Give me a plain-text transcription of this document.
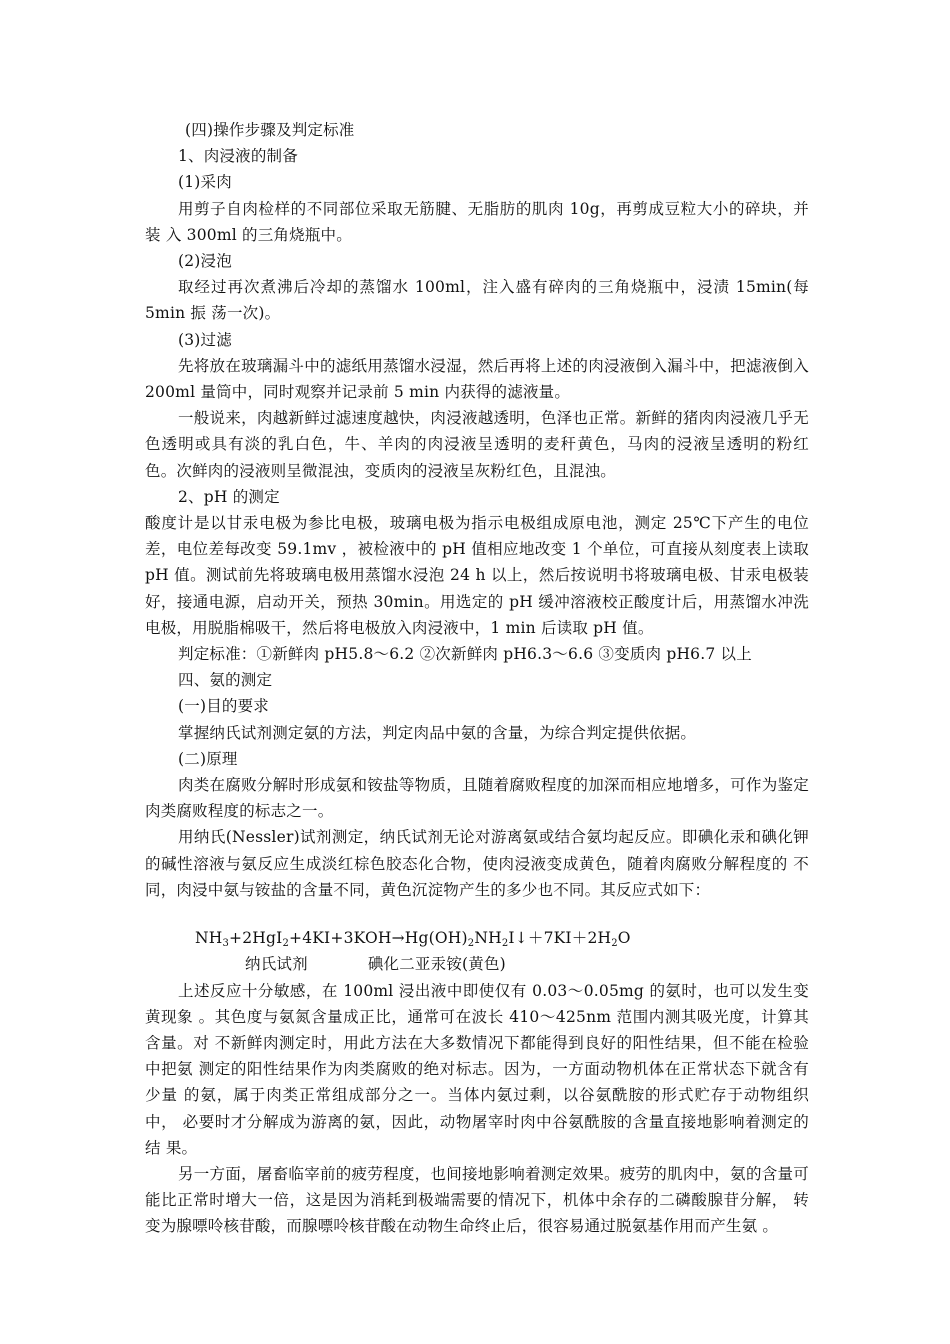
(四)操作步骤及判定标准

1、肉浸液的制备

(1)采肉

用剪子自肉检样的不同部位采取无筋腱、无脂肪的肌肉 10g，再剪成豆粒大小的碎块，并装 入 300ml 的三角烧瓶中。

(2)浸泡

取经过再次煮沸后冷却的蒸馏水 100ml，注入盛有碎肉的三角烧瓶中，浸渍 15min(每 5min 振 荡一次)。

(3)过滤

先将放在玻璃漏斗中的滤纸用蒸馏水浸湿，然后再将上述的肉浸液倒入漏斗中，把滤液倒入 200ml 量筒中，同时观察并记录前 5 min 内获得的滤液量。

一般说来，肉越新鲜过滤速度越快，肉浸液越透明，色泽也正常。新鲜的猪肉肉浸液几乎无 色透明或具有淡的乳白色，牛、羊肉的肉浸液呈透明的麦秆黄色，马肉的浸液呈透明的粉红 色。次鲜肉的浸液则呈微混浊，变质肉的浸液呈灰粉红色，且混浊。

2、pH 的测定

酸度计是以甘汞电极为参比电极，玻璃电极为指示电极组成原电池，测定 25℃下产生的电位差，电位差每改变 59.1mv ，被检液中的 pH 值相应地改变 1 个单位，可直接从刻度表上读取 pH 值。测试前先将玻璃电极用蒸馏水浸泡 24 h 以上，然后按说明书将玻璃电极、甘汞电极装 好，接通电源，启动开关，预热 30min。用选定的 pH 缓冲溶液校正酸度计后，用蒸馏水冲洗 电极，用脱脂棉吸干，然后将电极放入肉浸液中，1 min 后读取 pH 值。

判定标准：①新鲜肉 pH5.8～6.2 ②次新鲜肉 pH6.3～6.6 ③变质肉 pH6.7 以上

四、氨的测定

(一)目的要求

掌握纳氏试剂测定氨的方法，判定肉品中氨的含量，为综合判定提供依据。

(二)原理

肉类在腐败分解时形成氨和铵盐等物质，且随着腐败程度的加深而相应地增多，可作为鉴定 肉类腐败程度的标志之一。

用纳氏(Nessler)试剂测定，纳氏试剂无论对游离氨或结合氨均起反应。即碘化汞和碘化钾 的碱性溶液与氨反应生成淡红棕色胶态化合物，使肉浸液变成黄色，随着肉腐败分解程度的 不同，肉浸中氨与铵盐的含量不同，黄色沉淀物产生的多少也不同。其反应式如下：

$NH_3+2HgI_2+4KI+3KOH\to Hg(OH)_2NH_2I↓+7KI+2H_2O$

纳氏试剂	碘化二亚汞铵(黄色)

上述反应十分敏感，在 100ml 浸出液中即使仅有 0.03～0.05mg 的氨时，也可以发生变黄现象 。其色度与氨氮含量成正比，通常可在波长 410～425nm 范围内测其吸光度，计算其含量。对 不新鲜肉测定时，用此方法在大多数情况下都能得到良好的阳性结果，但不能在检验中把氨 测定的阳性结果作为肉类腐败的绝对标志。因为，一方面动物机体在正常状态下就含有少量 的氨，属于肉类正常组成部分之一。当体内氨过剩，以谷氨酰胺的形式贮存于动物组织中， 必要时才分解成为游离的氨，因此，动物屠宰时肉中谷氨酰胺的含量直接地影响着测定的结 果。

另一方面，屠畜临宰前的疲劳程度，也间接地影响着测定效果。疲劳的肌肉中，氨的含量可 能比正常时增大一倍，这是因为消耗到极端需要的情况下，机体中余存的二磷酸腺苷分解， 转变为腺嘌呤核苷酸，而腺嘌呤核苷酸在动物生命终止后，很容易通过脱氨基作用而产生氨 。
